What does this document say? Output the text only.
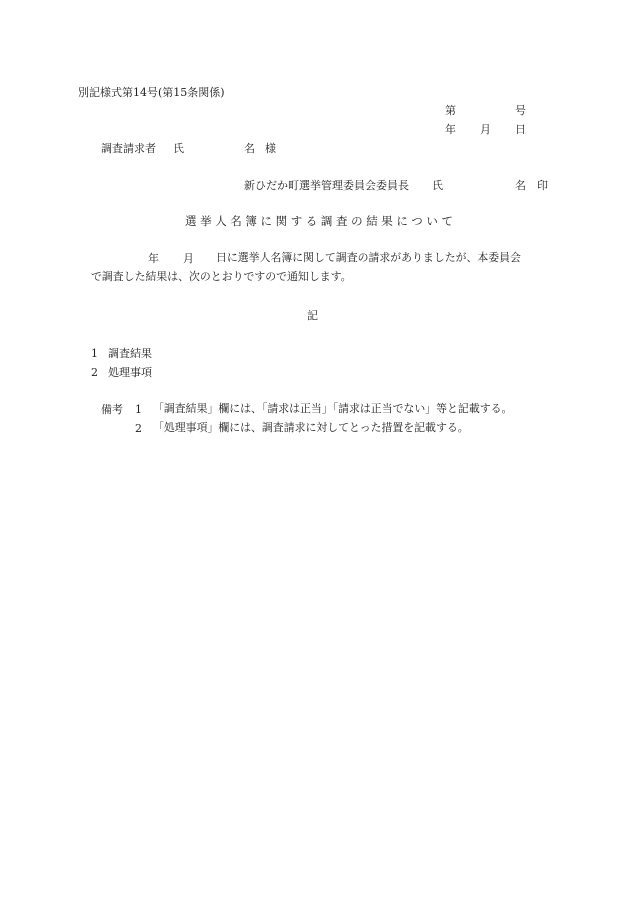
別記様式第14号(第15条関係)
第	号
年 月 日
調査請求者 氏	名 様
新ひだか町選挙管理委員会委員長 氏	名 印
選挙人名簿に関する調査の結果について
年 月 日に選挙人名簿に関して調査の請求がありましたが、本委員会
で調査した結果は、次のとおりですので通知します。
記
1 調査結果
2 処理事項
備考 1 「調査結果」欄には、「請求は正当」「請求は正当でない」等と記載する。
2 「処理事項」欄には、調査請求に対してとった措置を記載する。
